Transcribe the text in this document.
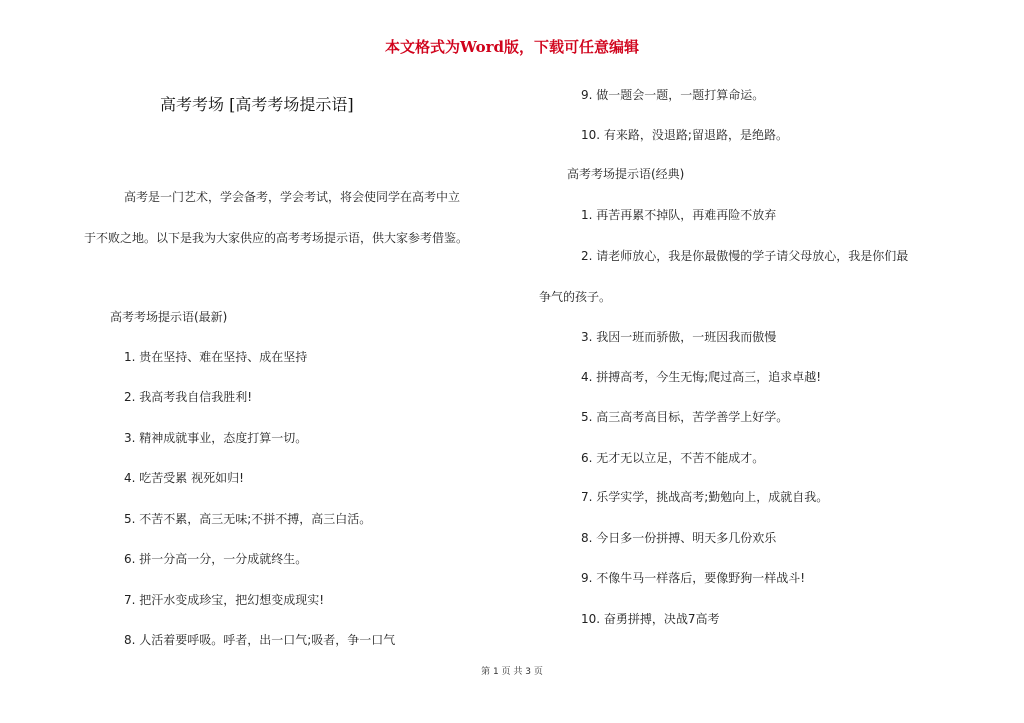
本文格式为Word版，下载可任意编辑
高考考场 [高考考场提示语]
高考是一门艺术，学会备考，学会考试，将会使同学在高考中立
于不败之地。以下是我为大家供应的高考考场提示语，供大家参考借鉴。
高考考场提示语(最新)
1. 贵在坚持、难在坚持、成在坚持
2. 我高考我自信我胜利!
3. 精神成就事业，态度打算一切。
4. 吃苦受累 视死如归!
5. 不苦不累，高三无味;不拼不搏，高三白活。
6. 拼一分高一分，一分成就终生。
7. 把汗水变成珍宝，把幻想变成现实!
8. 人活着要呼吸。呼者，出一口气;吸者，争一口气
9. 做一题会一题，一题打算命运。
10. 有来路，没退路;留退路，是绝路。
高考考场提示语(经典)
1. 再苦再累不掉队，再难再险不放弃
2. 请老师放心，我是你最傲慢的学子请父母放心，我是你们最
争气的孩子。
3. 我因一班而骄傲，一班因我而傲慢
4. 拼搏高考，今生无悔;爬过高三，追求卓越!
5. 高三高考高目标，苦学善学上好学。
6. 无才无以立足，不苦不能成才。
7. 乐学实学，挑战高考;勤勉向上，成就自我。
8. 今日多一份拼搏、明天多几份欢乐
9. 不像牛马一样落后，要像野狗一样战斗!
10. 奋勇拼搏，决战7高考
第 1 页 共 3 页
